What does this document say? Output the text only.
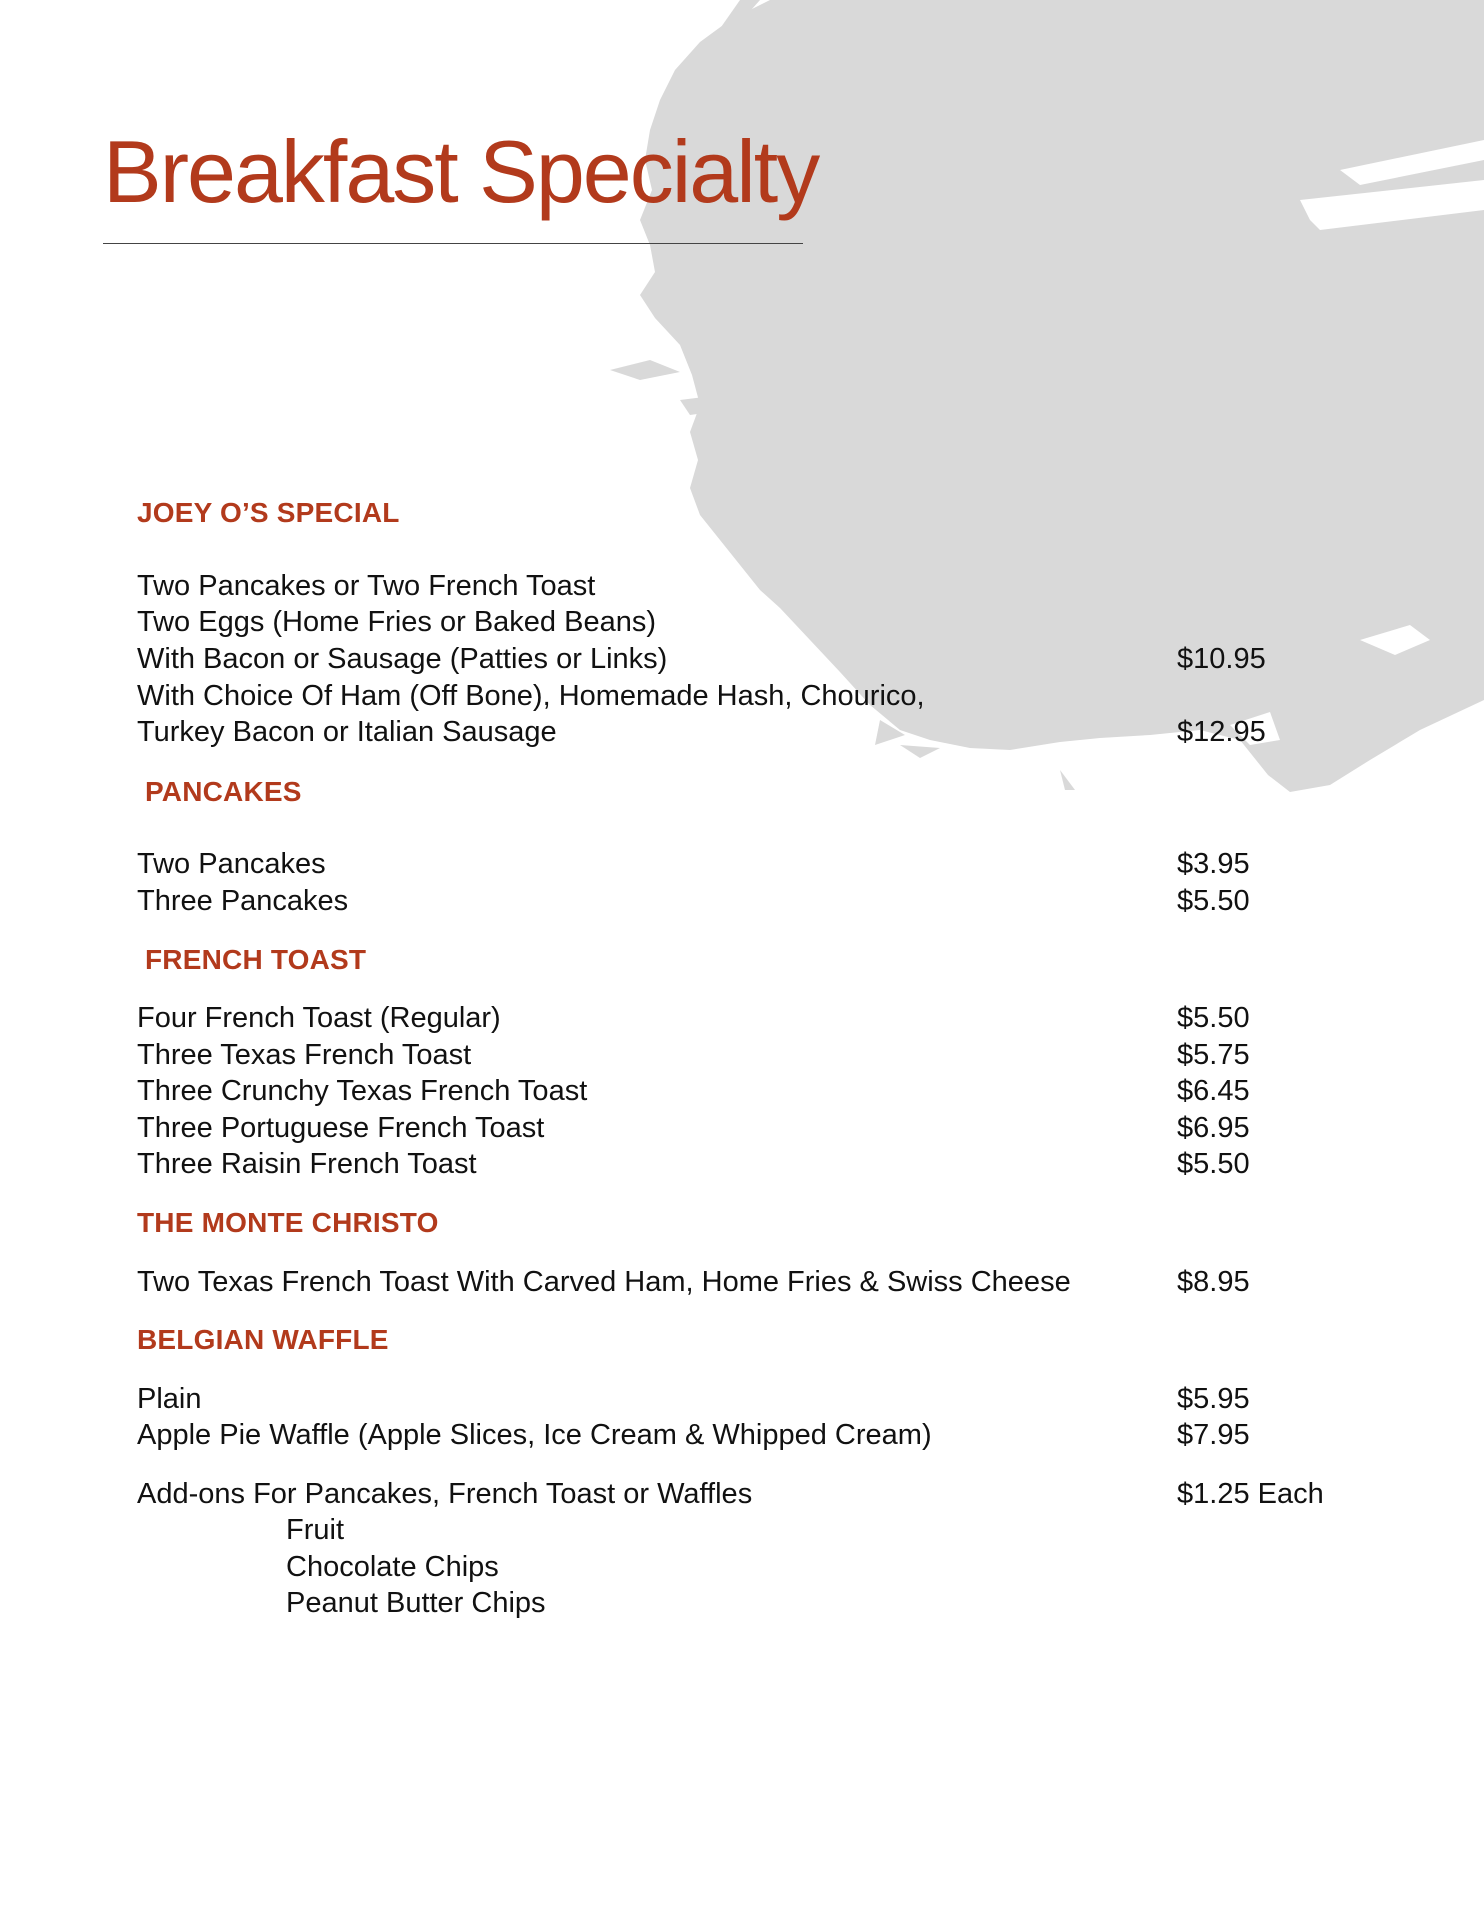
Breakfast Specialty
JOEY O’S SPECIAL
Two Pancakes or Two French Toast
Two Eggs (Home Fries or Baked Beans)
With Bacon or Sausage (Patties or Links)	$10.95
With Choice Of Ham (Off Bone), Homemade Hash, Chourico,
Turkey Bacon or Italian Sausage	$12.95
PANCAKES
Two Pancakes	$3.95
Three Pancakes	$5.50
FRENCH TOAST
Four French Toast (Regular)	$5.50
Three Texas French Toast	$5.75
Three Crunchy Texas French Toast	$6.45
Three Portuguese French Toast	$6.95
Three Raisin French Toast	$5.50
THE MONTE CHRISTO
Two Texas French Toast With Carved Ham, Home Fries & Swiss Cheese	$8.95
BELGIAN WAFFLE
Plain	$5.95
Apple Pie Waffle (Apple Slices, Ice Cream & Whipped Cream)	$7.95
Add-ons For Pancakes, French Toast or Waffles	$1.25 Each
Fruit
Chocolate Chips
Peanut Butter Chips
